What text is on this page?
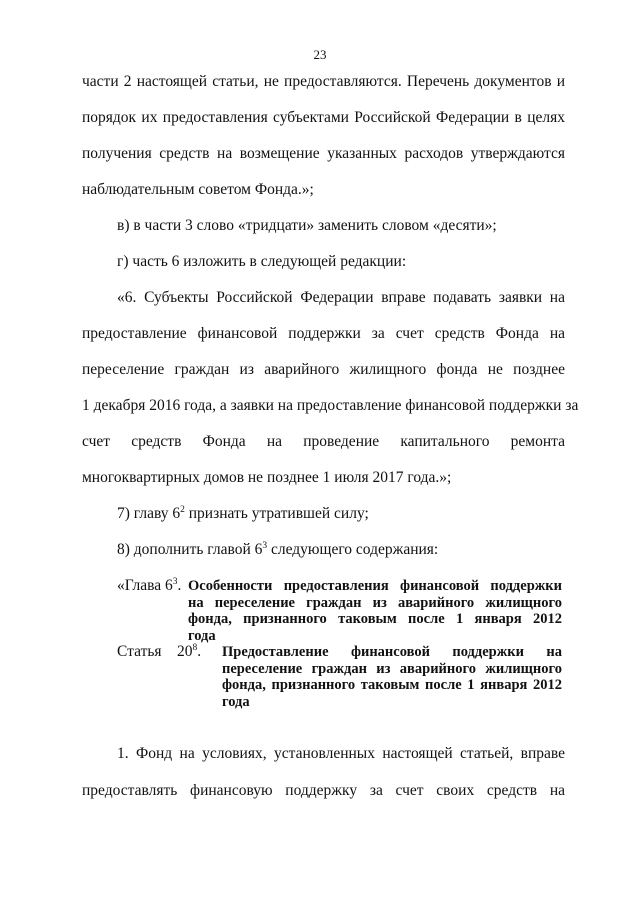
23
части 2 настоящей статьи, не предоставляются. Перечень документов и
порядок их предоставления субъектами Российской Федерации в целях
получения средств на возмещение указанных расходов утверждаются
наблюдательным советом Фонда.»;
в) в части 3 слово «тридцати» заменить словом «десяти»;
г) часть 6 изложить в следующей редакции:
«6. Субъекты Российской Федерации вправе подавать заявки на
предоставление финансовой поддержки за счет средств Фонда на
переселение граждан из аварийного жилищного фонда не позднее
1 декабря 2016 года, а заявки на предоставление финансовой поддержки за
счет средств Фонда на проведение капитального ремонта
многоквартирных домов не позднее 1 июля 2017 года.»;
7) главу $6^2$ признать утратившей силу;
8) дополнить главой $6^3$ следующего содержания:
«Глава $6^3$. Особенности предоставления финансовой поддержки
на переселение граждан из аварийного жилищного
фонда, признанного таковым после 1 января 2012
года
Статья $20^8$. Предоставление финансовой поддержки на
переселение граждан из аварийного жилищного
фонда, признанного таковым после 1 января 2012
года
1. Фонд на условиях, установленных настоящей статьей, вправе
предоставлять финансовую поддержку за счет своих средств на
